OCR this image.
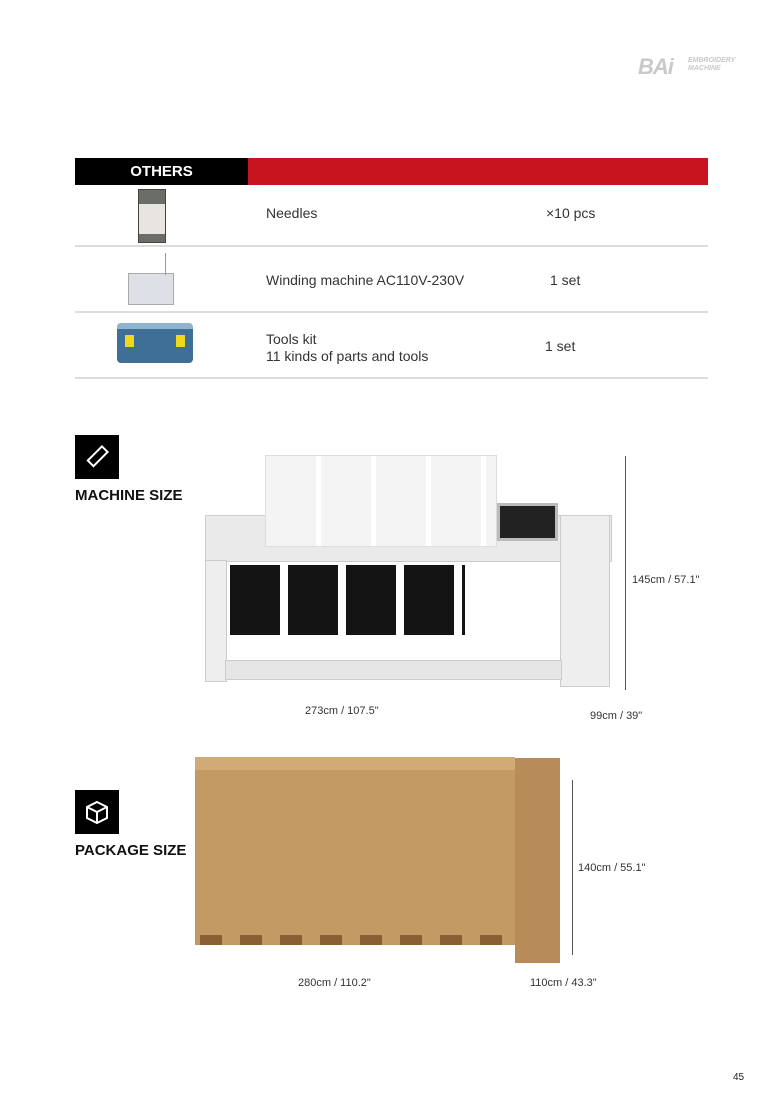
BAi EMBROIDERY MACHINE
OTHERS
Needles	×10 pcs
Winding machine AC110V-230V	1 set
Tools kit
11 kinds of parts and tools
1 set
MACHINE SIZE
145cm / 57.1"
273cm / 107.5"	99cm / 39"
PACKAGE SIZE
140cm / 55.1"
280cm / 110.2"	110cm / 43.3"
45
